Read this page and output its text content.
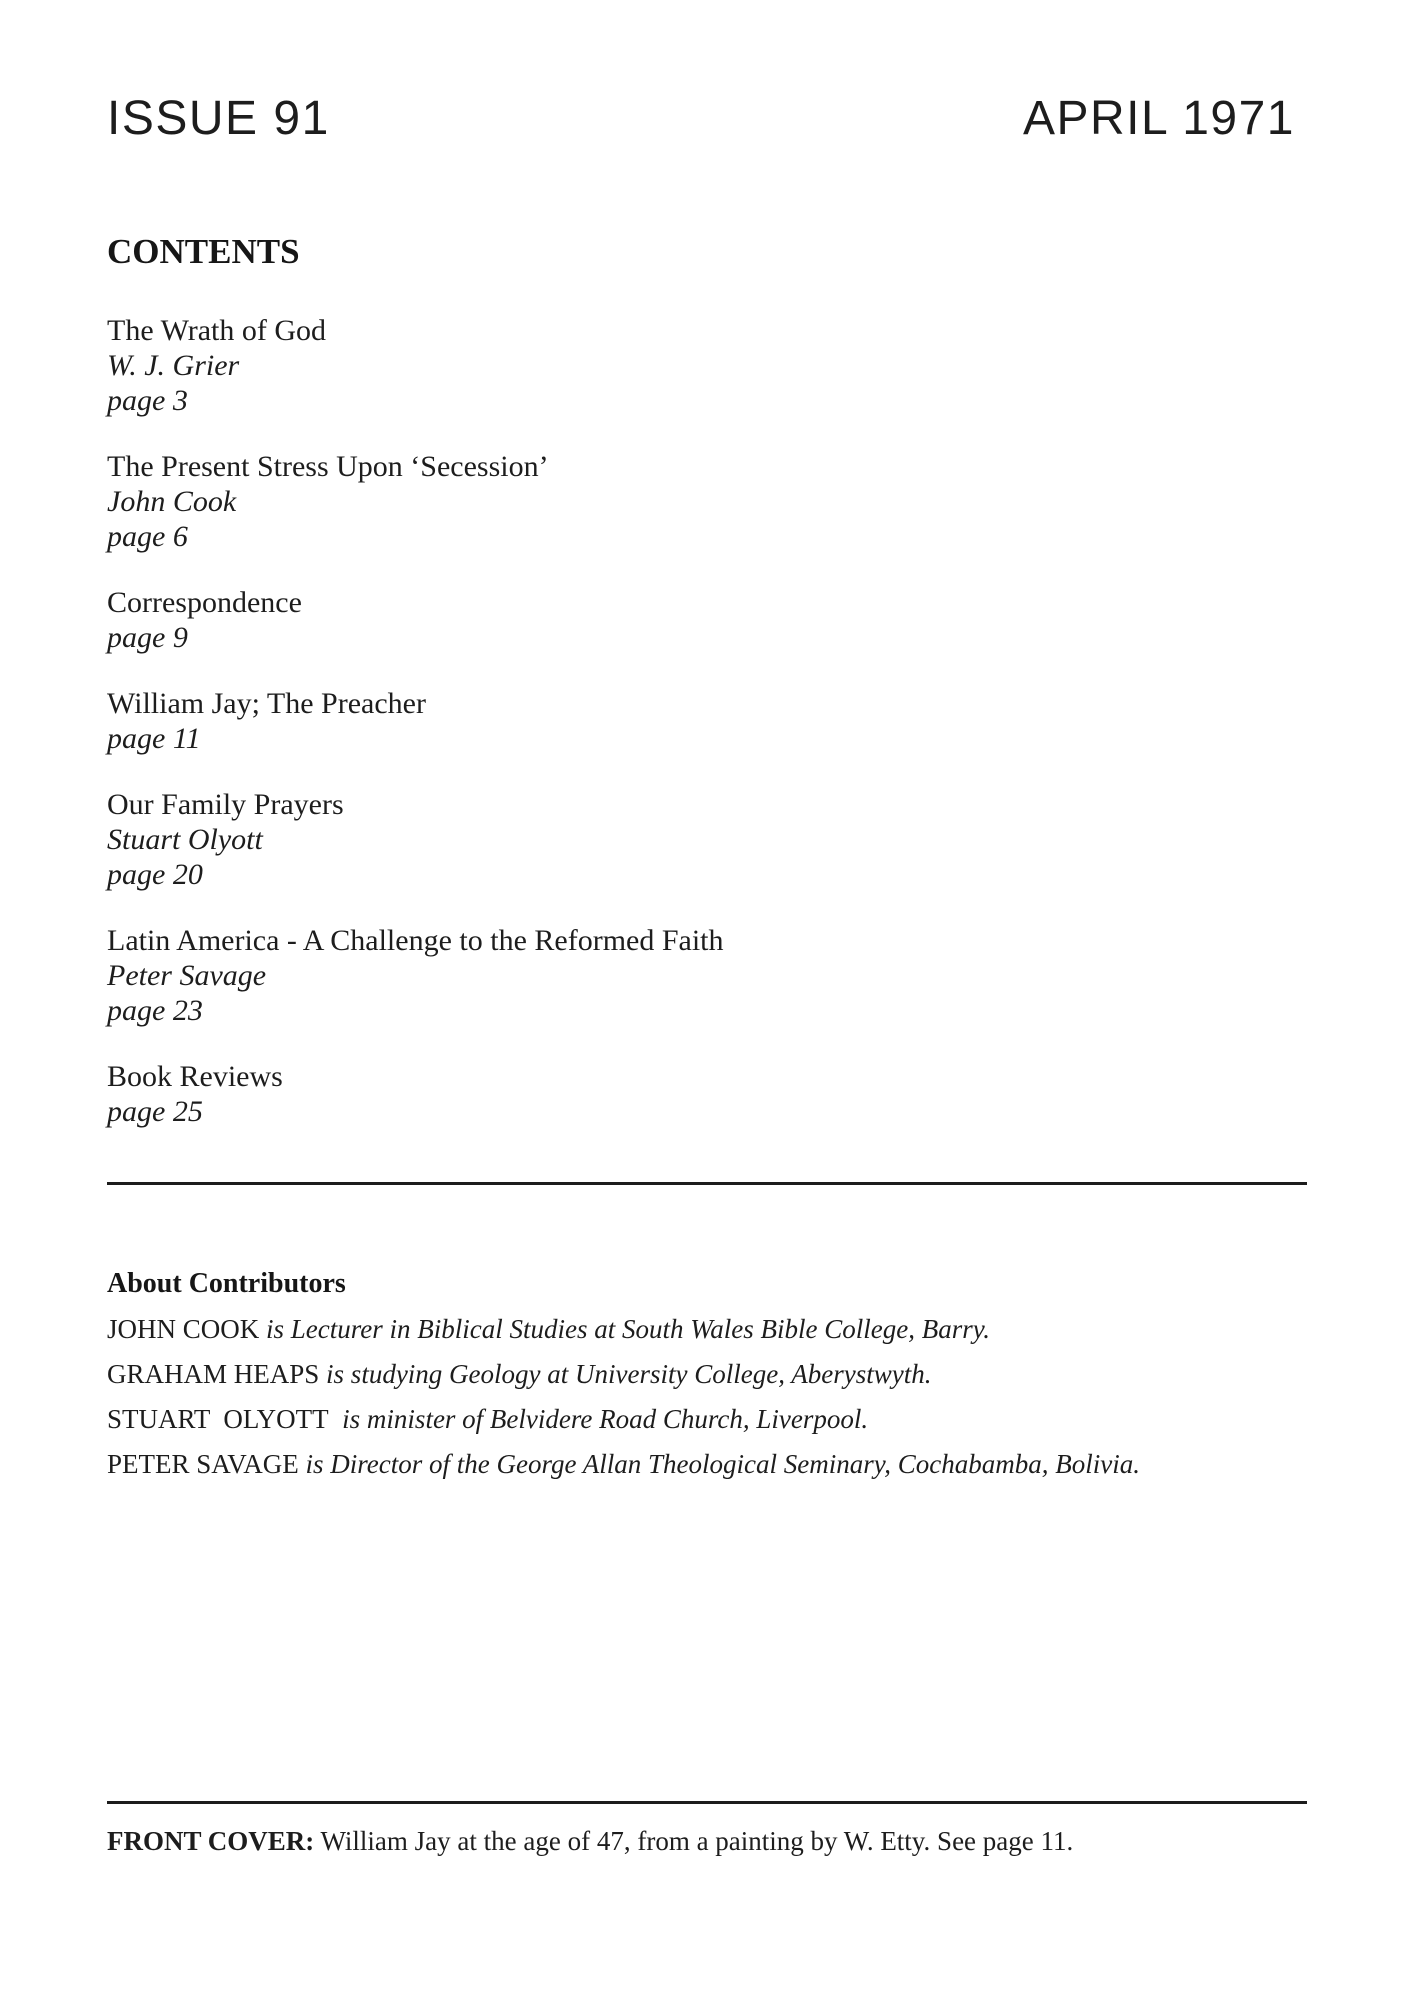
ISSUE 91	APRIL 1971
CONTENTS
The Wrath of God
W. J. Grier
page 3
The Present Stress Upon ‘Secession’
John Cook
page 6
Correspondence
page 9
William Jay; The Preacher
page 11
Our Family Prayers
Stuart Olyott
page 20
Latin America - A Challenge to the Reformed Faith
Peter Savage
page 23
Book Reviews
page 25
About Contributors
JOHN COOK is Lecturer in Biblical Studies at South Wales Bible College, Barry.
GRAHAM HEAPS is studying Geology at University College, Aberystwyth.
STUART  OLYOTT  is minister of Belvidere Road Church, Liverpool.
PETER SAVAGE is Director of the George Allan Theological Seminary, Cochabamba, Bolivia.
FRONT COVER: William Jay at the age of 47, from a painting by W. Etty. See page 11.
